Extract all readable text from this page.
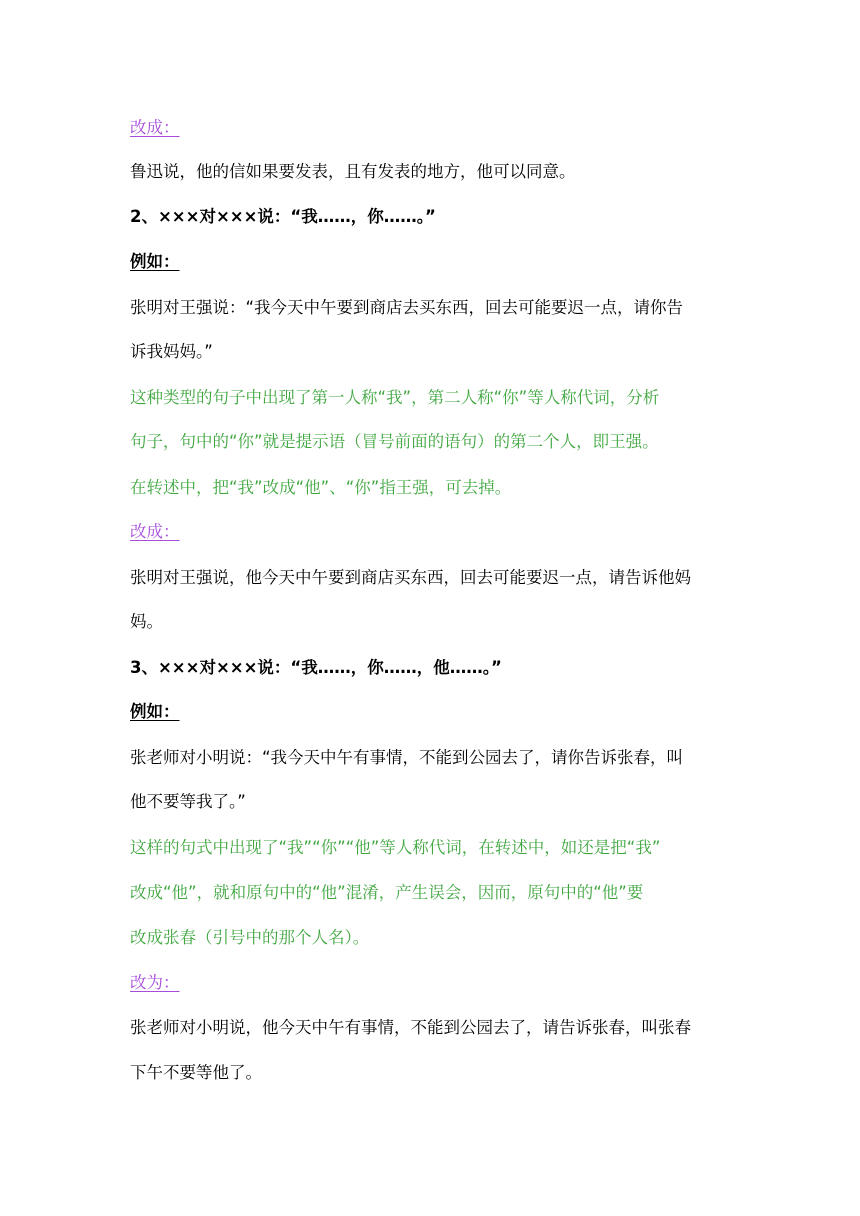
改成：
鲁迅说，他的信如果要发表，且有发表的地方，他可以同意。
2、×××对×××说：“我……，你……。”
例如：
张明对王强说：“我今天中午要到商店去买东西，回去可能要迟一点，请你告
诉我妈妈。”
这种类型的句子中出现了第一人称“我”，第二人称“你”等人称代词，分析
句子，句中的“你”就是提示语（冒号前面的语句）的第二个人，即王强。
在转述中，把“我”改成“他”、“你”指王强，可去掉。
改成：
张明对王强说，他今天中午要到商店买东西，回去可能要迟一点，请告诉他妈
妈。
3、×××对×××说：“我……，你……，他……。”
例如：
张老师对小明说：“我今天中午有事情，不能到公园去了，请你告诉张春，叫
他不要等我了。”
这样的句式中出现了“我”“你”“他”等人称代词，在转述中，如还是把“我”
改成“他”，就和原句中的“他”混淆，产生误会，因而，原句中的“他”要
改成张春（引号中的那个人名）。
改为：
张老师对小明说，他今天中午有事情，不能到公园去了，请告诉张春，叫张春
下午不要等他了。
